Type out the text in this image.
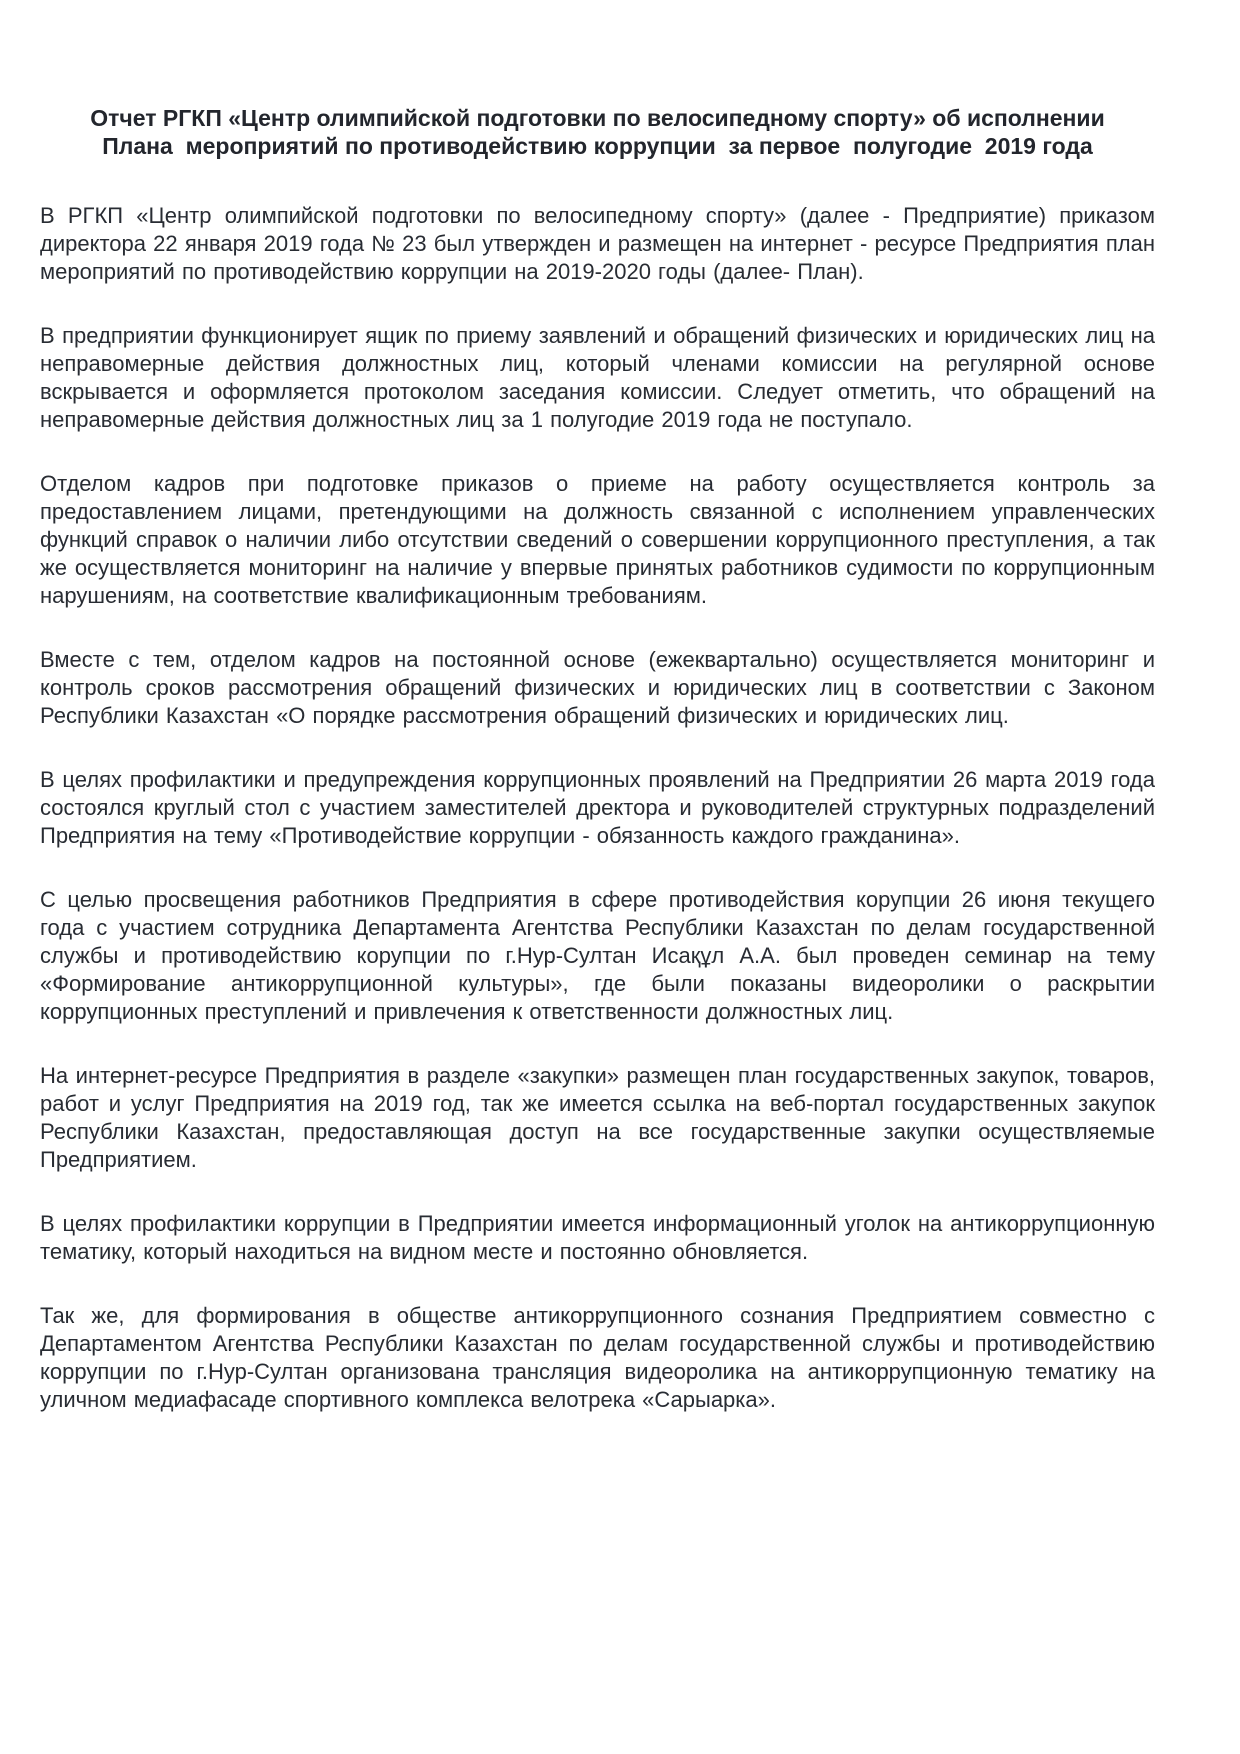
Отчет РГКП «Центр олимпийской подготовки по велосипедному спорту» об исполнении
Плана  мероприятий по противодействию коррупции  за первое  полугодие  2019 года

В РГКП «Центр олимпийской подготовки по велосипедному спорту» (далее - Предприятие) приказом директора 22 января 2019 года № 23 был утвержден и размещен на интернет - ресурсе Предприятия план мероприятий по противодействию коррупции на 2019-2020 годы (далее- План).

В предприятии функционирует ящик по приему заявлений и обращений физических и юридических лиц на неправомерные действия должностных лиц, который членами комиссии на регулярной основе вскрывается и оформляется протоколом заседания комиссии. Следует отметить, что обращений на неправомерные действия должностных лиц за 1 полугодие 2019 года не поступало.

Отделом кадров при подготовке приказов о приеме на работу осуществляется контроль за предоставлением лицами, претендующими на должность связанной с исполнением управленческих функций справок о наличии либо отсутствии сведений о совершении коррупционного преступления, а так же осуществляется мониторинг на наличие у впервые принятых работников судимости по коррупционным нарушениям, на соответствие квалификационным требованиям.

Вместе с тем, отделом кадров на постоянной основе (ежеквартально) осуществляется мониторинг и контроль сроков рассмотрения обращений физических и юридических лиц в соответствии с Законом Республики Казахстан «О порядке рассмотрения обращений физических и юридических лиц.

В целях профилактики и предупреждения коррупционных проявлений на Предприятии 26 марта 2019 года состоялся круглый стол с участием заместителей дректора и руководителей структурных подразделений Предприятия на тему «Противодействие коррупции - обязанность каждого гражданина».

С целью просвещения работников Предприятия в сфере противодействия корупции 26 июня текущего года с участием сотрудника Департамента Агентства Республики Казахстан по делам государственной службы и противодействию корупции по г.Нур-Султан Исақұл А.А. был проведен семинар на тему «Формирование антикоррупционной культуры», где были показаны видеоролики о раскрытии коррупционных преступлений и привлечения к ответственности должностных лиц.

На интернет-ресурсе Предприятия в разделе «закупки» размещен план государственных закупок, товаров, работ и услуг Предприятия на 2019 год, так же имеется ссылка на веб-портал государственных закупок Республики Казахстан, предоставляющая доступ на все государственные закупки осуществляемые Предприятием.

В целях профилактики коррупции в Предприятии имеется информационный уголок на антикоррупционную тематику, который находиться на видном месте и постоянно обновляется.

Так же, для формирования в обществе антикоррупционного сознания Предприятием совместно с Департаментом Агентства Республики Казахстан по делам государственной службы и противодействию коррупции по г.Нур-Султан организована трансляция видеоролика на антикоррупционную тематику на уличном медиафасаде спортивного комплекса велотрека «Сарыарка».
